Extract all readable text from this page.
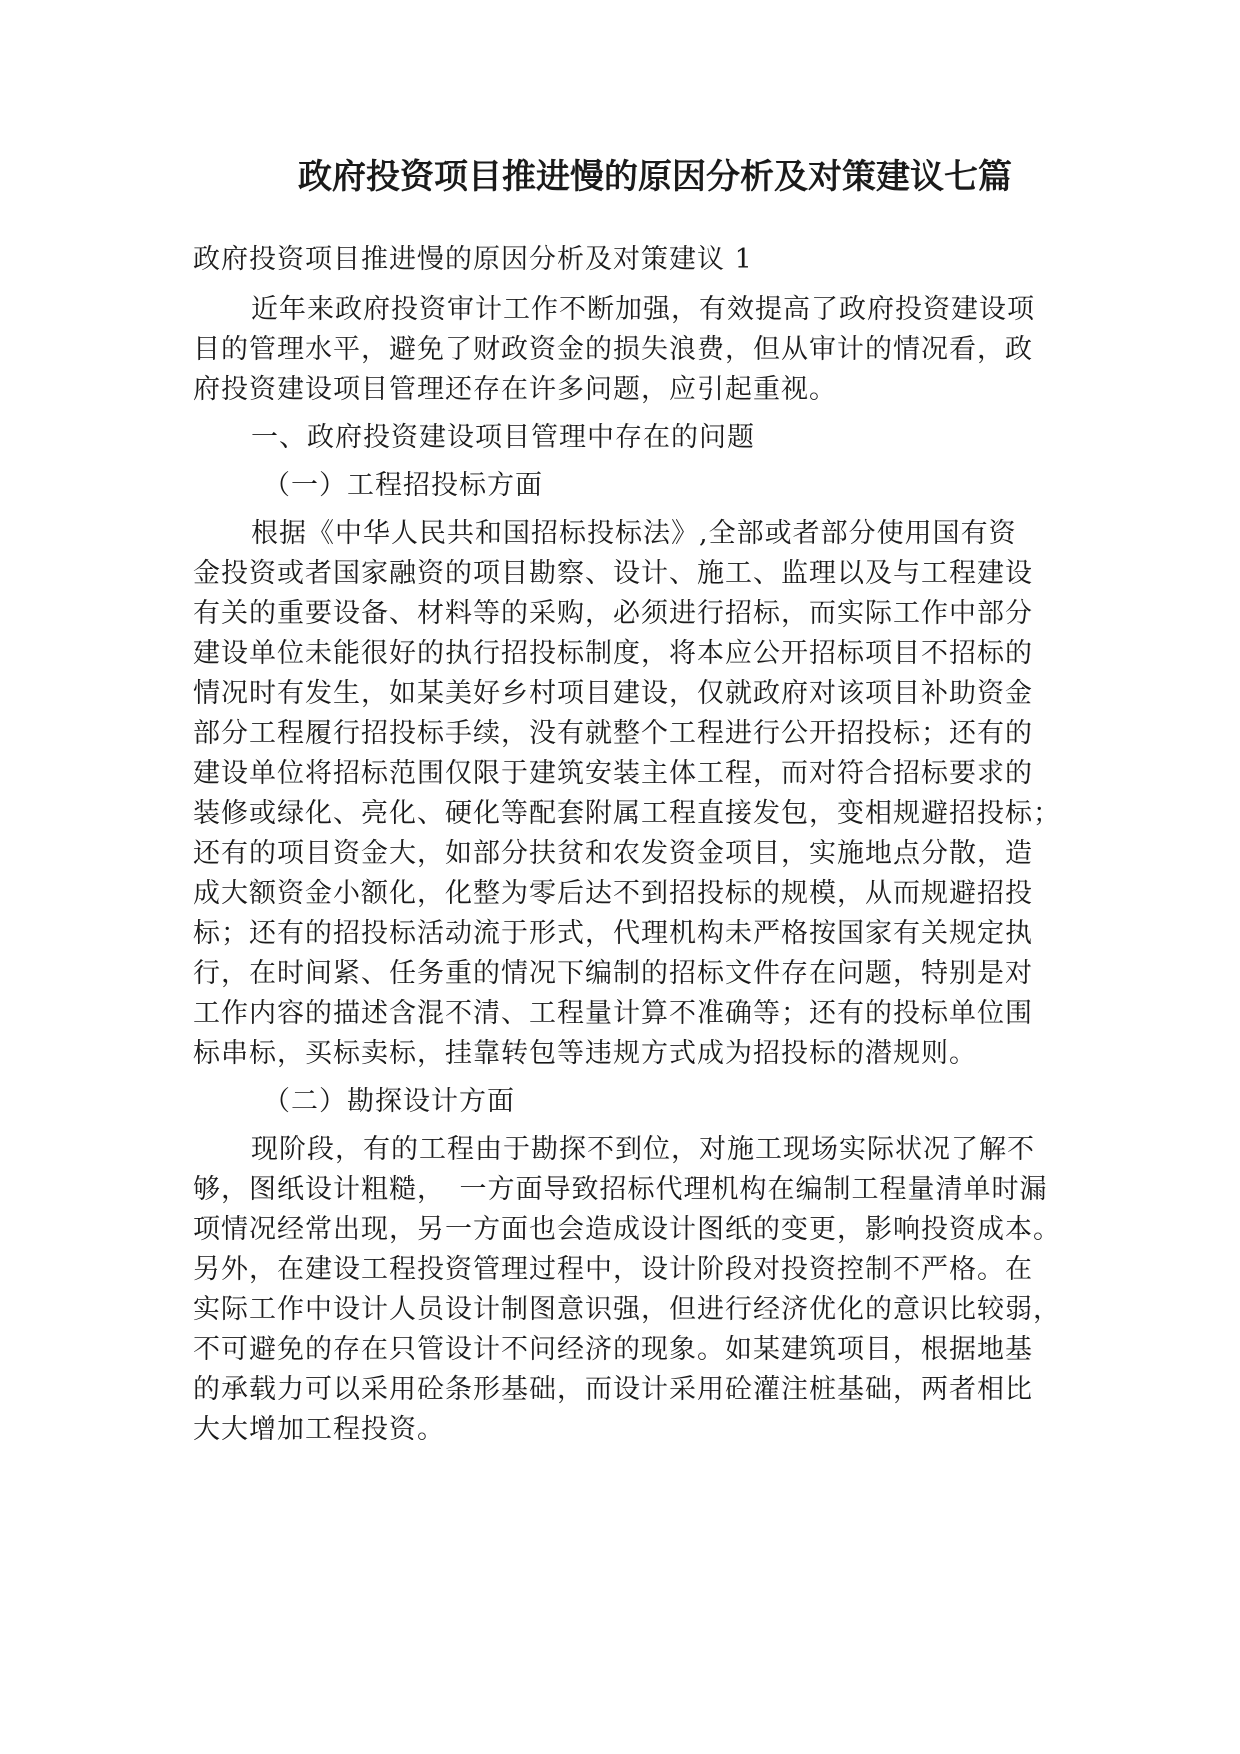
政府投资项目推进慢的原因分析及对策建议七篇
政府投资项目推进慢的原因分析及对策建议 1
近年来政府投资审计工作不断加强，有效提高了政府投资建设项
目的管理水平，避免了财政资金的损失浪费，但从审计的情况看，政
府投资建设项目管理还存在许多问题，应引起重视。
一、政府投资建设项目管理中存在的问题
（一）工程招投标方面
根据《中华人民共和国招标投标法》,全部或者部分使用国有资
金投资或者国家融资的项目勘察、设计、施工、监理以及与工程建设
有关的重要设备、材料等的采购，必须进行招标，而实际工作中部分
建设单位未能很好的执行招投标制度，将本应公开招标项目不招标的
情况时有发生，如某美好乡村项目建设，仅就政府对该项目补助资金
部分工程履行招投标手续，没有就整个工程进行公开招投标；还有的
建设单位将招标范围仅限于建筑安装主体工程，而对符合招标要求的
装修或绿化、亮化、硬化等配套附属工程直接发包，变相规避招投标；
还有的项目资金大，如部分扶贫和农发资金项目，实施地点分散，造
成大额资金小额化，化整为零后达不到招投标的规模，从而规避招投
标；还有的招投标活动流于形式，代理机构未严格按国家有关规定执
行，在时间紧、任务重的情况下编制的招标文件存在问题，特别是对
工作内容的描述含混不清、工程量计算不准确等；还有的投标单位围
标串标，买标卖标，挂靠转包等违规方式成为招投标的潜规则。
（二）勘探设计方面
现阶段，有的工程由于勘探不到位，对施工现场实际状况了解不
够，图纸设计粗糙，　一方面导致招标代理机构在编制工程量清单时漏
项情况经常出现，另一方面也会造成设计图纸的变更，影响投资成本。
另外，在建设工程投资管理过程中，设计阶段对投资控制不严格。在
实际工作中设计人员设计制图意识强，但进行经济优化的意识比较弱，
不可避免的存在只管设计不问经济的现象。如某建筑项目，根据地基
的承载力可以采用砼条形基础，而设计采用砼灌注桩基础，两者相比
大大增加工程投资。
